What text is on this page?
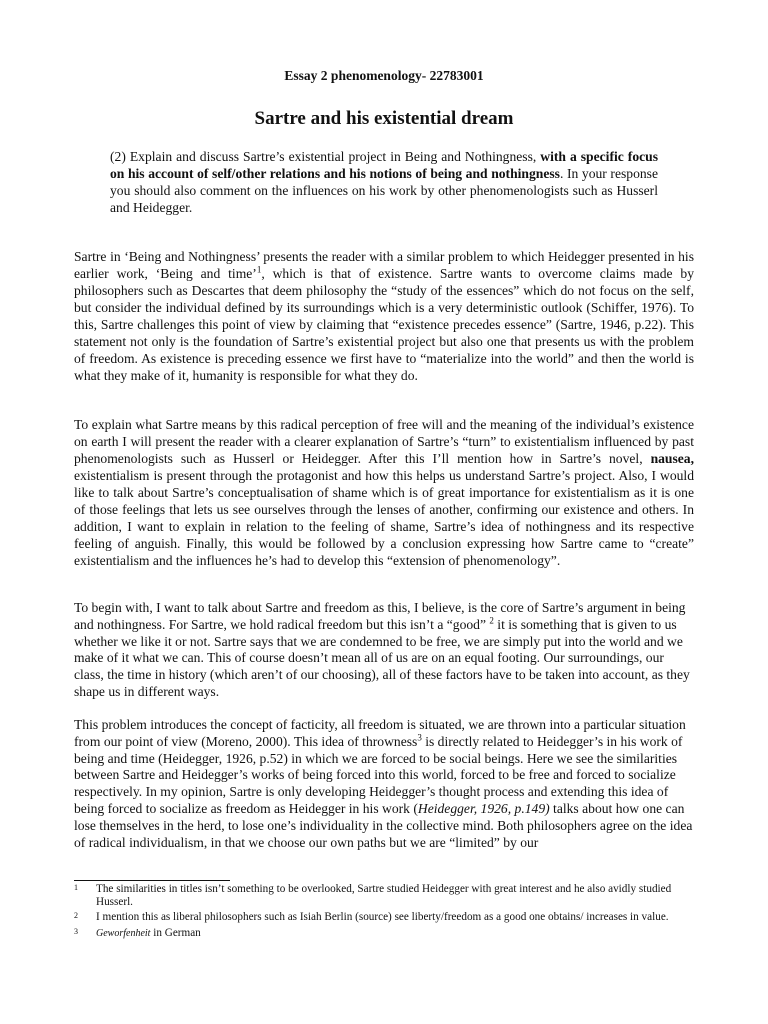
Essay 2 phenomenology- 22783001
Sartre and his existential dream

(2) Explain and discuss Sartre’s existential project in Being and Nothingness, with a specific focus on his account of self/other relations and his notions of being and nothingness. In your response you should also comment on the influences on his work by other phenomenologists such as Husserl and Heidegger.

Sartre in ‘Being and Nothingness’ presents the reader with a similar problem to which Heidegger presented in his earlier work, ‘Being and time’$^1$, which is that of existence. Sartre wants to overcome claims made by philosophers such as Descartes that deem philosophy the “study of the essences” which do not focus on the self, but consider the individual defined by its surroundings which is a very deterministic outlook (Schiffer, 1976). To this, Sartre challenges this point of view by claiming that “existence precedes essence” (Sartre, 1946, p.22). This statement not only is the foundation of Sartre’s existential project but also one that presents us with the problem of freedom. As existence is preceding essence we first have to “materialize into the world” and then the world is what they make of it, humanity is responsible for what they do.

To explain what Sartre means by this radical perception of free will and the meaning of the individual’s existence on earth I will present the reader with a clearer explanation of Sartre’s “turn” to existentialism influenced by past phenomenologists such as Husserl or Heidegger. After this I’ll mention how in Sartre’s novel, nausea, existentialism is present through the protagonist and how this helps us understand Sartre’s project. Also, I would like to talk about Sartre’s conceptualisation of shame which is of great importance for existentialism as it is one of those feelings that lets us see ourselves through the lenses of another, confirming our existence and others. In addition, I want to explain in relation to the feeling of shame, Sartre’s idea of nothingness and its respective feeling of anguish. Finally, this would be followed by a conclusion expressing how Sartre came to “create” existentialism and the influences he’s had to develop this “extension of phenomenology”.

To begin with, I want to talk about Sartre and freedom as this, I believe, is the core of Sartre’s argument in being and nothingness. For Sartre, we hold radical freedom but this isn’t a “good” $^2$ it is something that is given to us whether we like it or not. Sartre says that we are condemned to be free, we are simply put into the world and we make of it what we can. This of course doesn’t mean all of us are on an equal footing. Our surroundings, our class, the time in history (which aren’t of our choosing), all of these factors have to be taken into account, as they shape us in different ways.

This problem introduces the concept of facticity, all freedom is situated, we are thrown into a particular situation from our point of view (Moreno, 2000). This idea of throwness$^3$ is directly related to Heidegger’s in his work of being and time (Heidegger, 1926, p.52) in which we are forced to be social beings. Here we see the similarities between Sartre and Heidegger’s works of being forced into this world, forced to be free and forced to socialize respectively. In my opinion, Sartre is only developing Heidegger’s thought process and extending this idea of being forced to socialize as freedom as Heidegger in his work (Heidegger, 1926, p.149) talks about how one can lose themselves in the herd, to lose one’s individuality in the collective mind. Both philosophers agree on the idea of radical individualism, in that we choose our own paths but we are “limited” by our

1 The similarities in titles isn’t something to be overlooked, Sartre studied Heidegger with great interest and he also avidly studied Husserl.
2 I mention this as liberal philosophers such as Isiah Berlin (source) see liberty/freedom as a good one obtains/ increases in value.
3 Geworfenheit in German
